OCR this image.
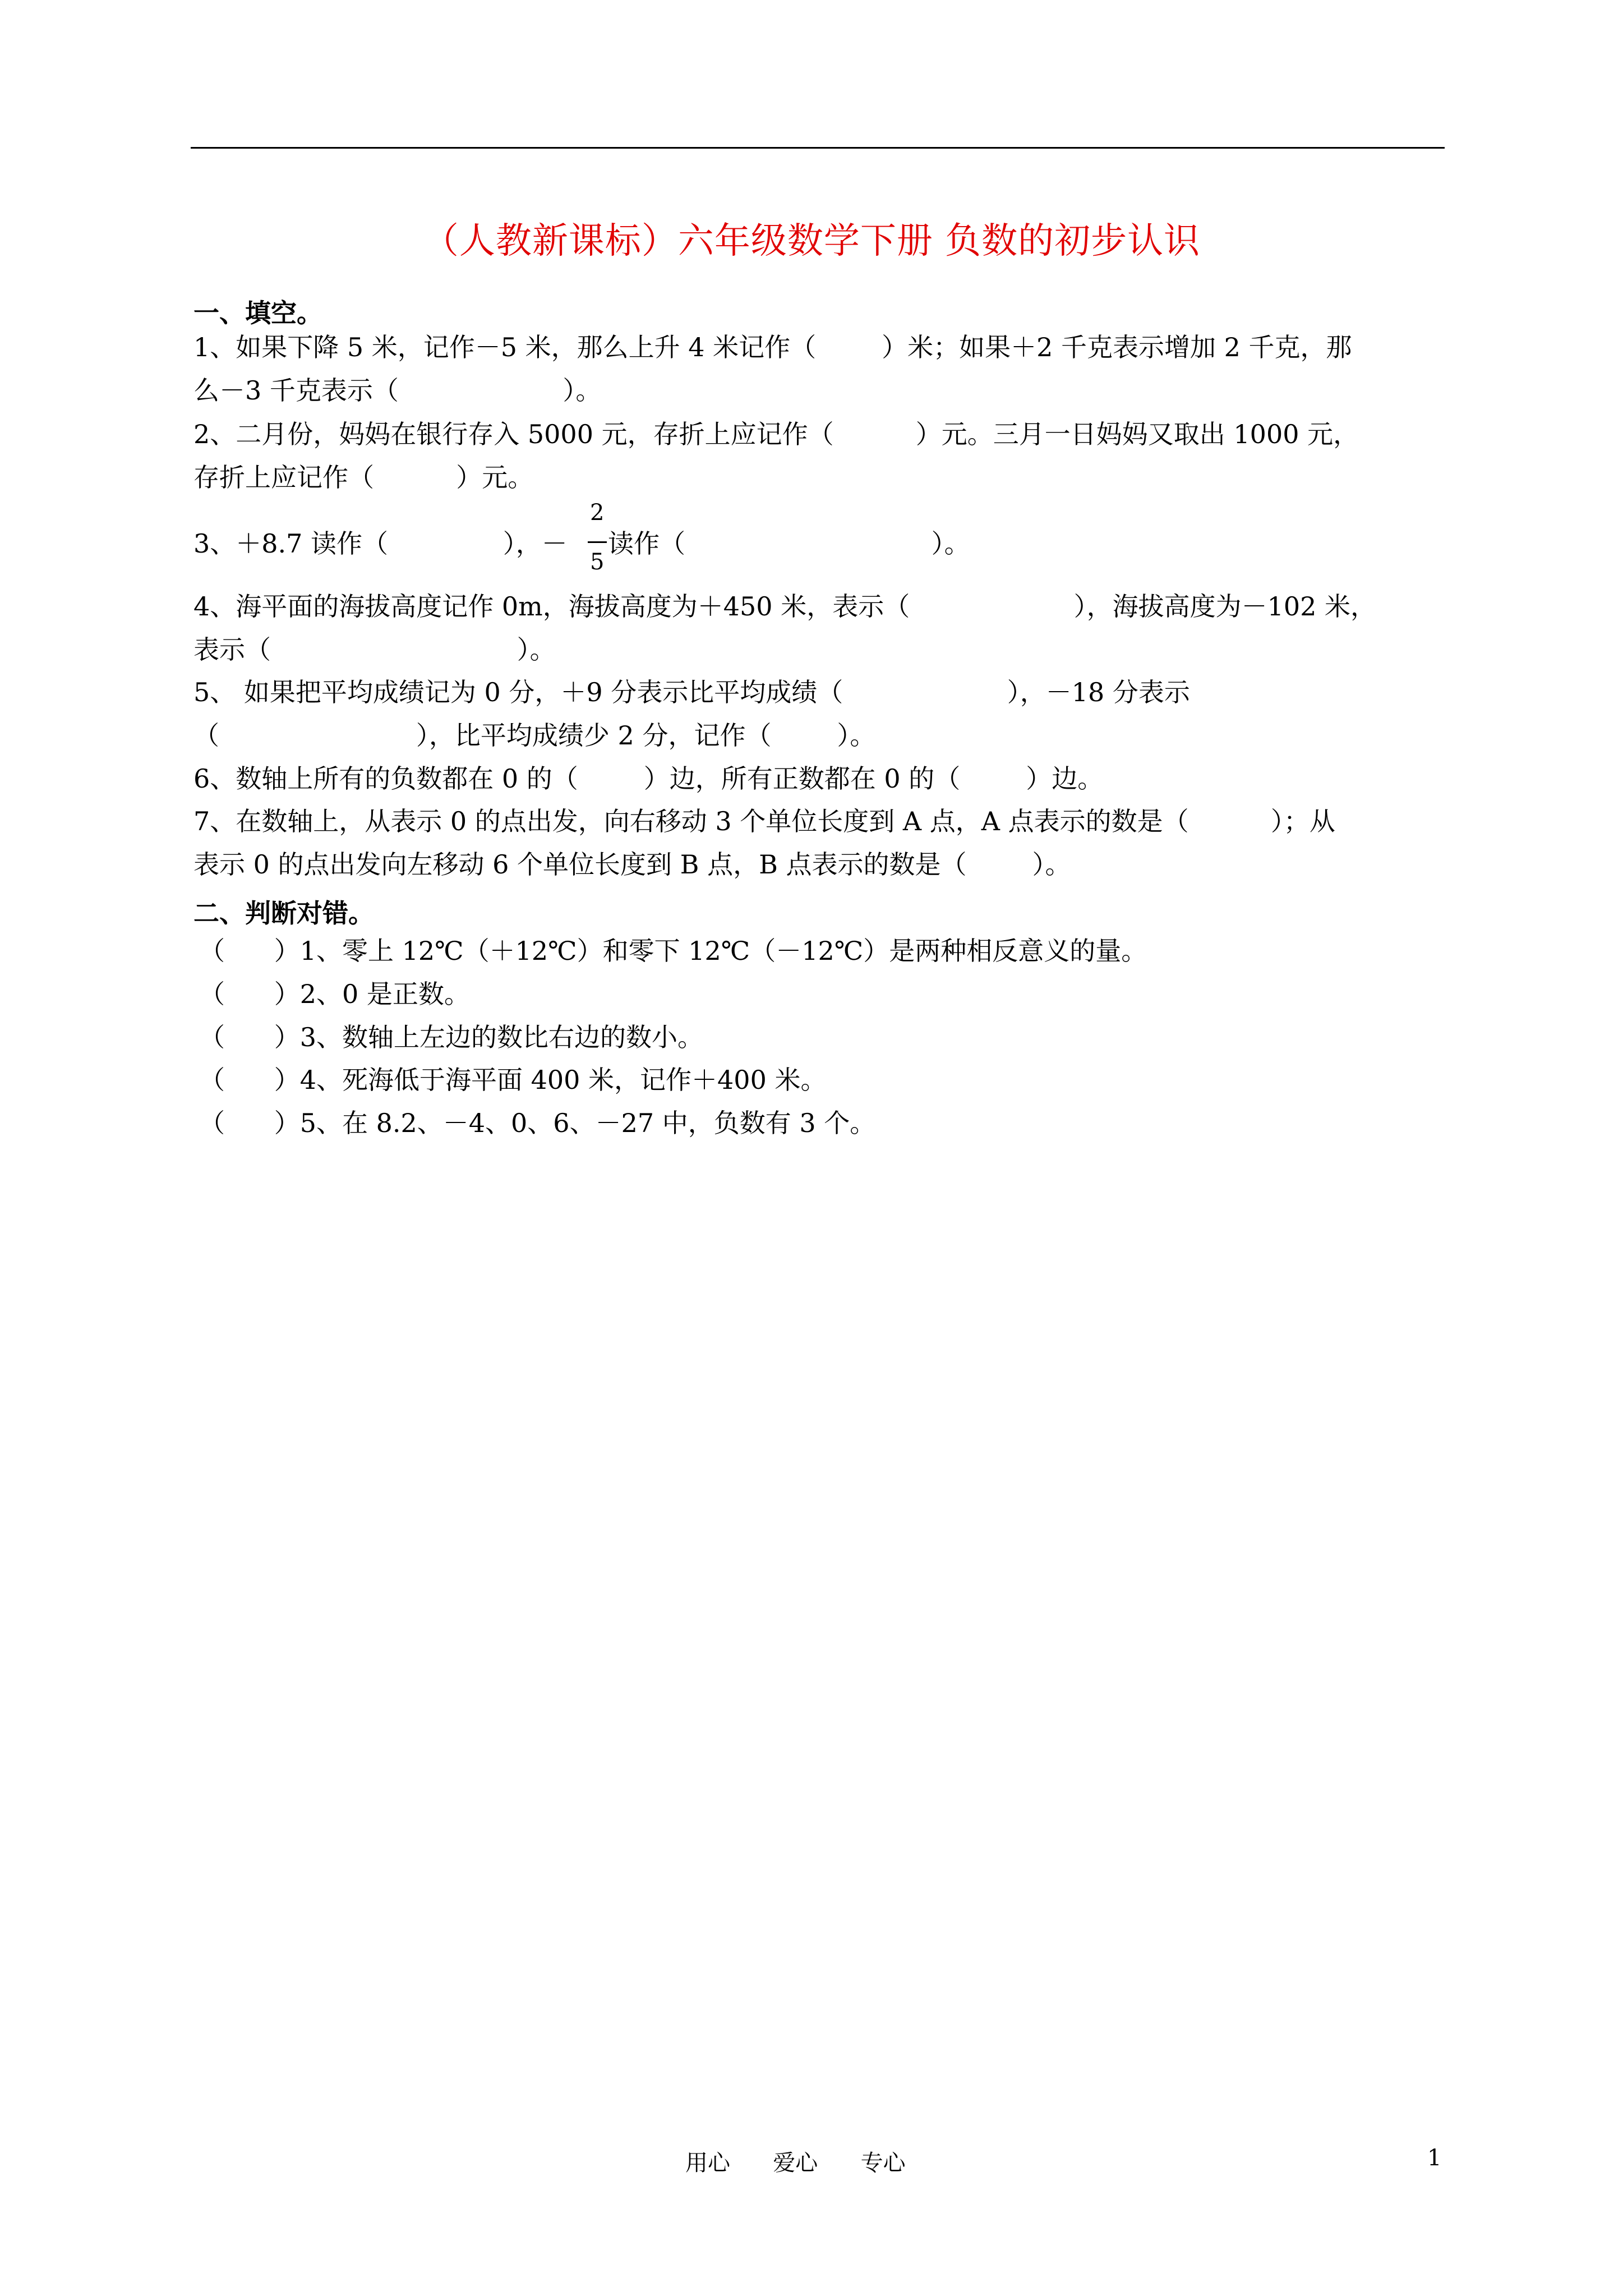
（人教新课标）六年级数学下册 负数的初步认识
一、填空。
1、如果下降 5 米，记作－5 米，那么上升 4 米记作（        ）米；如果＋2 千克表示增加 2 千克，那
么－3 千克表示（                    ）。
2、二月份，妈妈在银行存入 5000 元，存折上应记作（          ）元。三月一日妈妈又取出 1000 元，
存折上应记作（          ）元。
3、＋8.7 读作（              ），－
2
5
读作（                              ）。
4、海平面的海拔高度记作 0m，海拔高度为＋450 米，表示（                    ），海拔高度为－102 米，
表示（                              ）。
5、 如果把平均成绩记为 0 分，＋9 分表示比平均成绩（                    ），－18 分表示
（                        ），比平均成绩少 2 分，记作（        ）。
6、数轴上所有的负数都在 0 的（        ）边，所有正数都在 0 的（        ）边。
7、在数轴上，从表示 0 的点出发，向右移动 3 个单位长度到 A 点，A 点表示的数是（          ）；从
表示 0 的点出发向左移动 6 个单位长度到 B 点，B 点表示的数是（        ）。
二、判断对错。
（      ）1、零上 12℃（＋12℃）和零下 12℃（－12℃）是两种相反意义的量。
（      ）2、0 是正数。
（      ）3、数轴上左边的数比右边的数小。
（      ）4、死海低于海平面 400 米，记作＋400 米。
（      ）5、在 8.2、－4、0、6、－27 中，负数有 3 个。
用心      爱心      专心	1
